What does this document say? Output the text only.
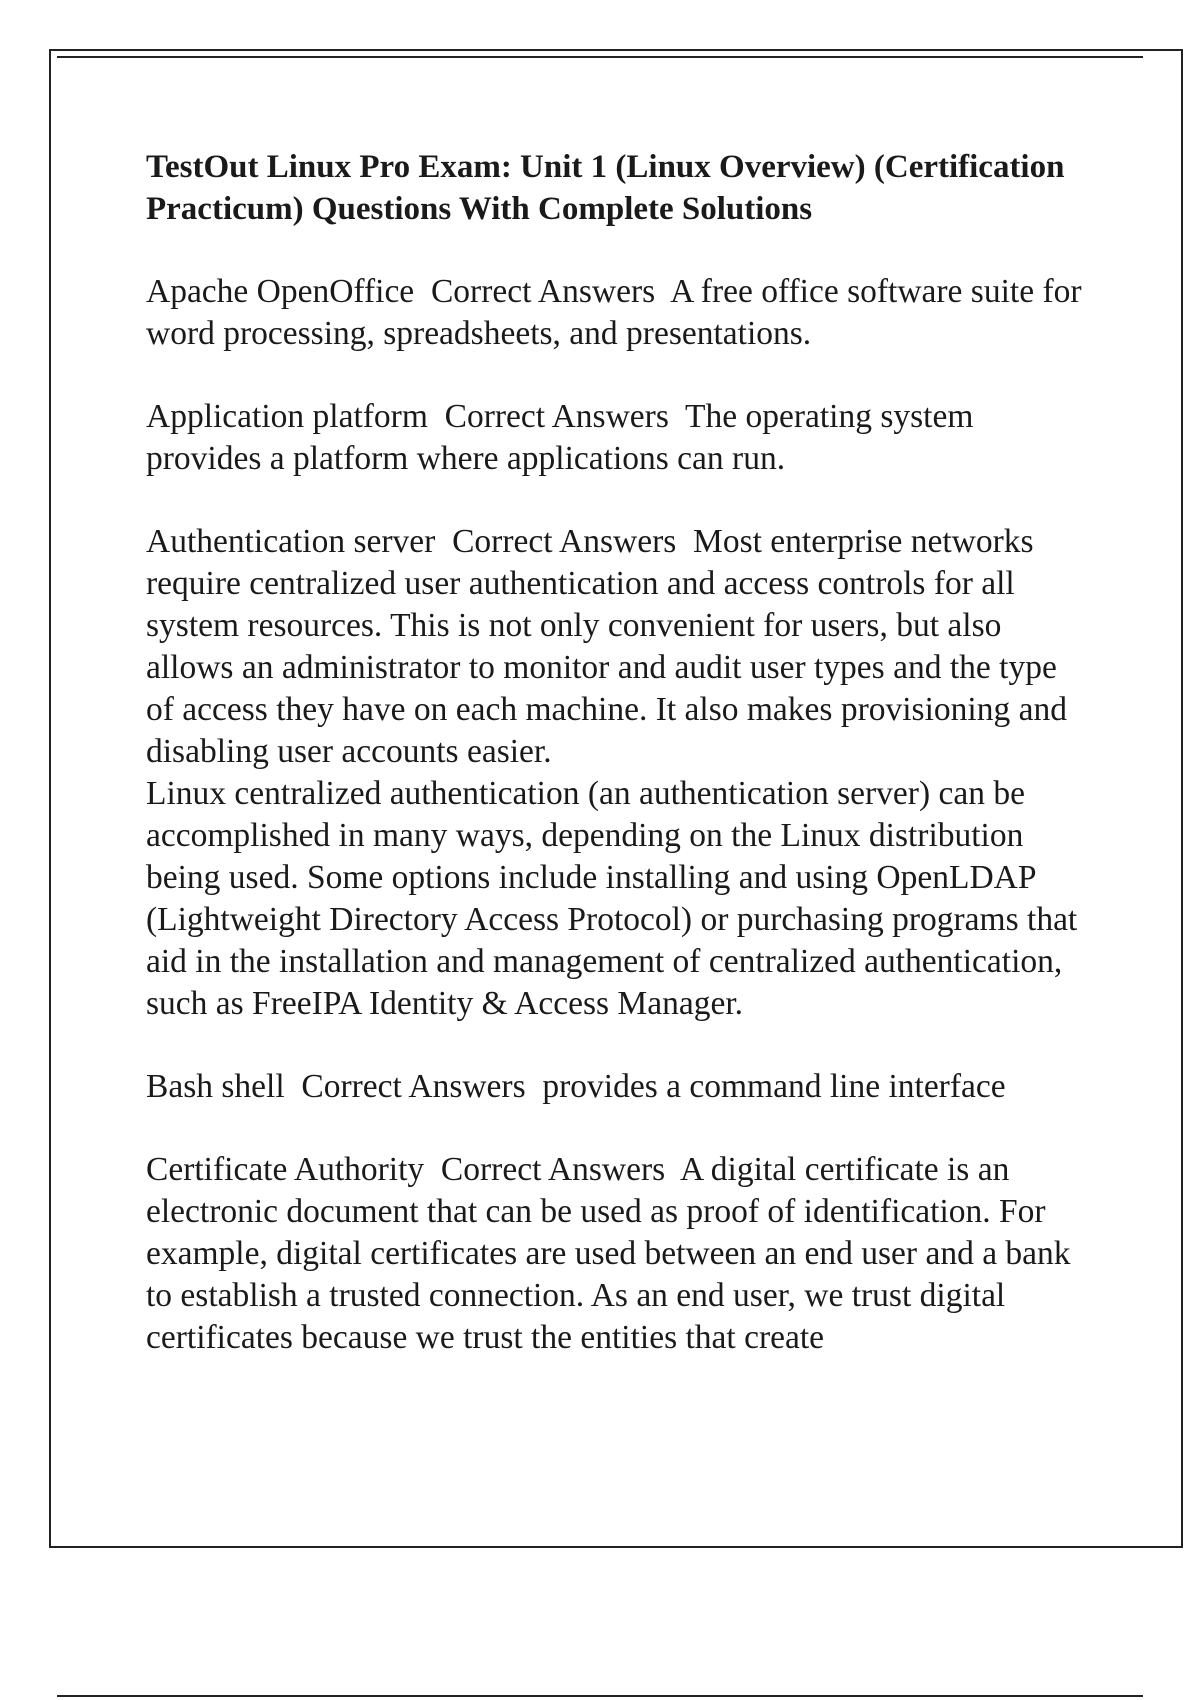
TestOut Linux Pro Exam: Unit 1 (Linux Overview) (Certification Practicum) Questions With Complete Solutions

Apache OpenOffice Correct Answers A free office software suite for word processing, spreadsheets, and presentations.

Application platform Correct Answers The operating system provides a platform where applications can run.

Authentication server Correct Answers Most enterprise networks require centralized user authentication and access controls for all system resources. This is not only convenient for users, but also allows an administrator to monitor and audit user types and the type of access they have on each machine. It also makes provisioning and disabling user accounts easier.

Linux centralized authentication (an authentication server) can be accomplished in many ways, depending on the Linux distribution being used. Some options include installing and using OpenLDAP (Lightweight Directory Access Protocol) or purchasing programs that aid in the installation and management of centralized authentication, such as FreeIPA Identity & Access Manager.

Bash shell Correct Answers provides a command line interface

Certificate Authority Correct Answers A digital certificate is an electronic document that can be used as proof of identification. For example, digital certificates are used between an end user and a bank to establish a trusted connection. As an end user, we trust digital certificates because we trust the entities that create
